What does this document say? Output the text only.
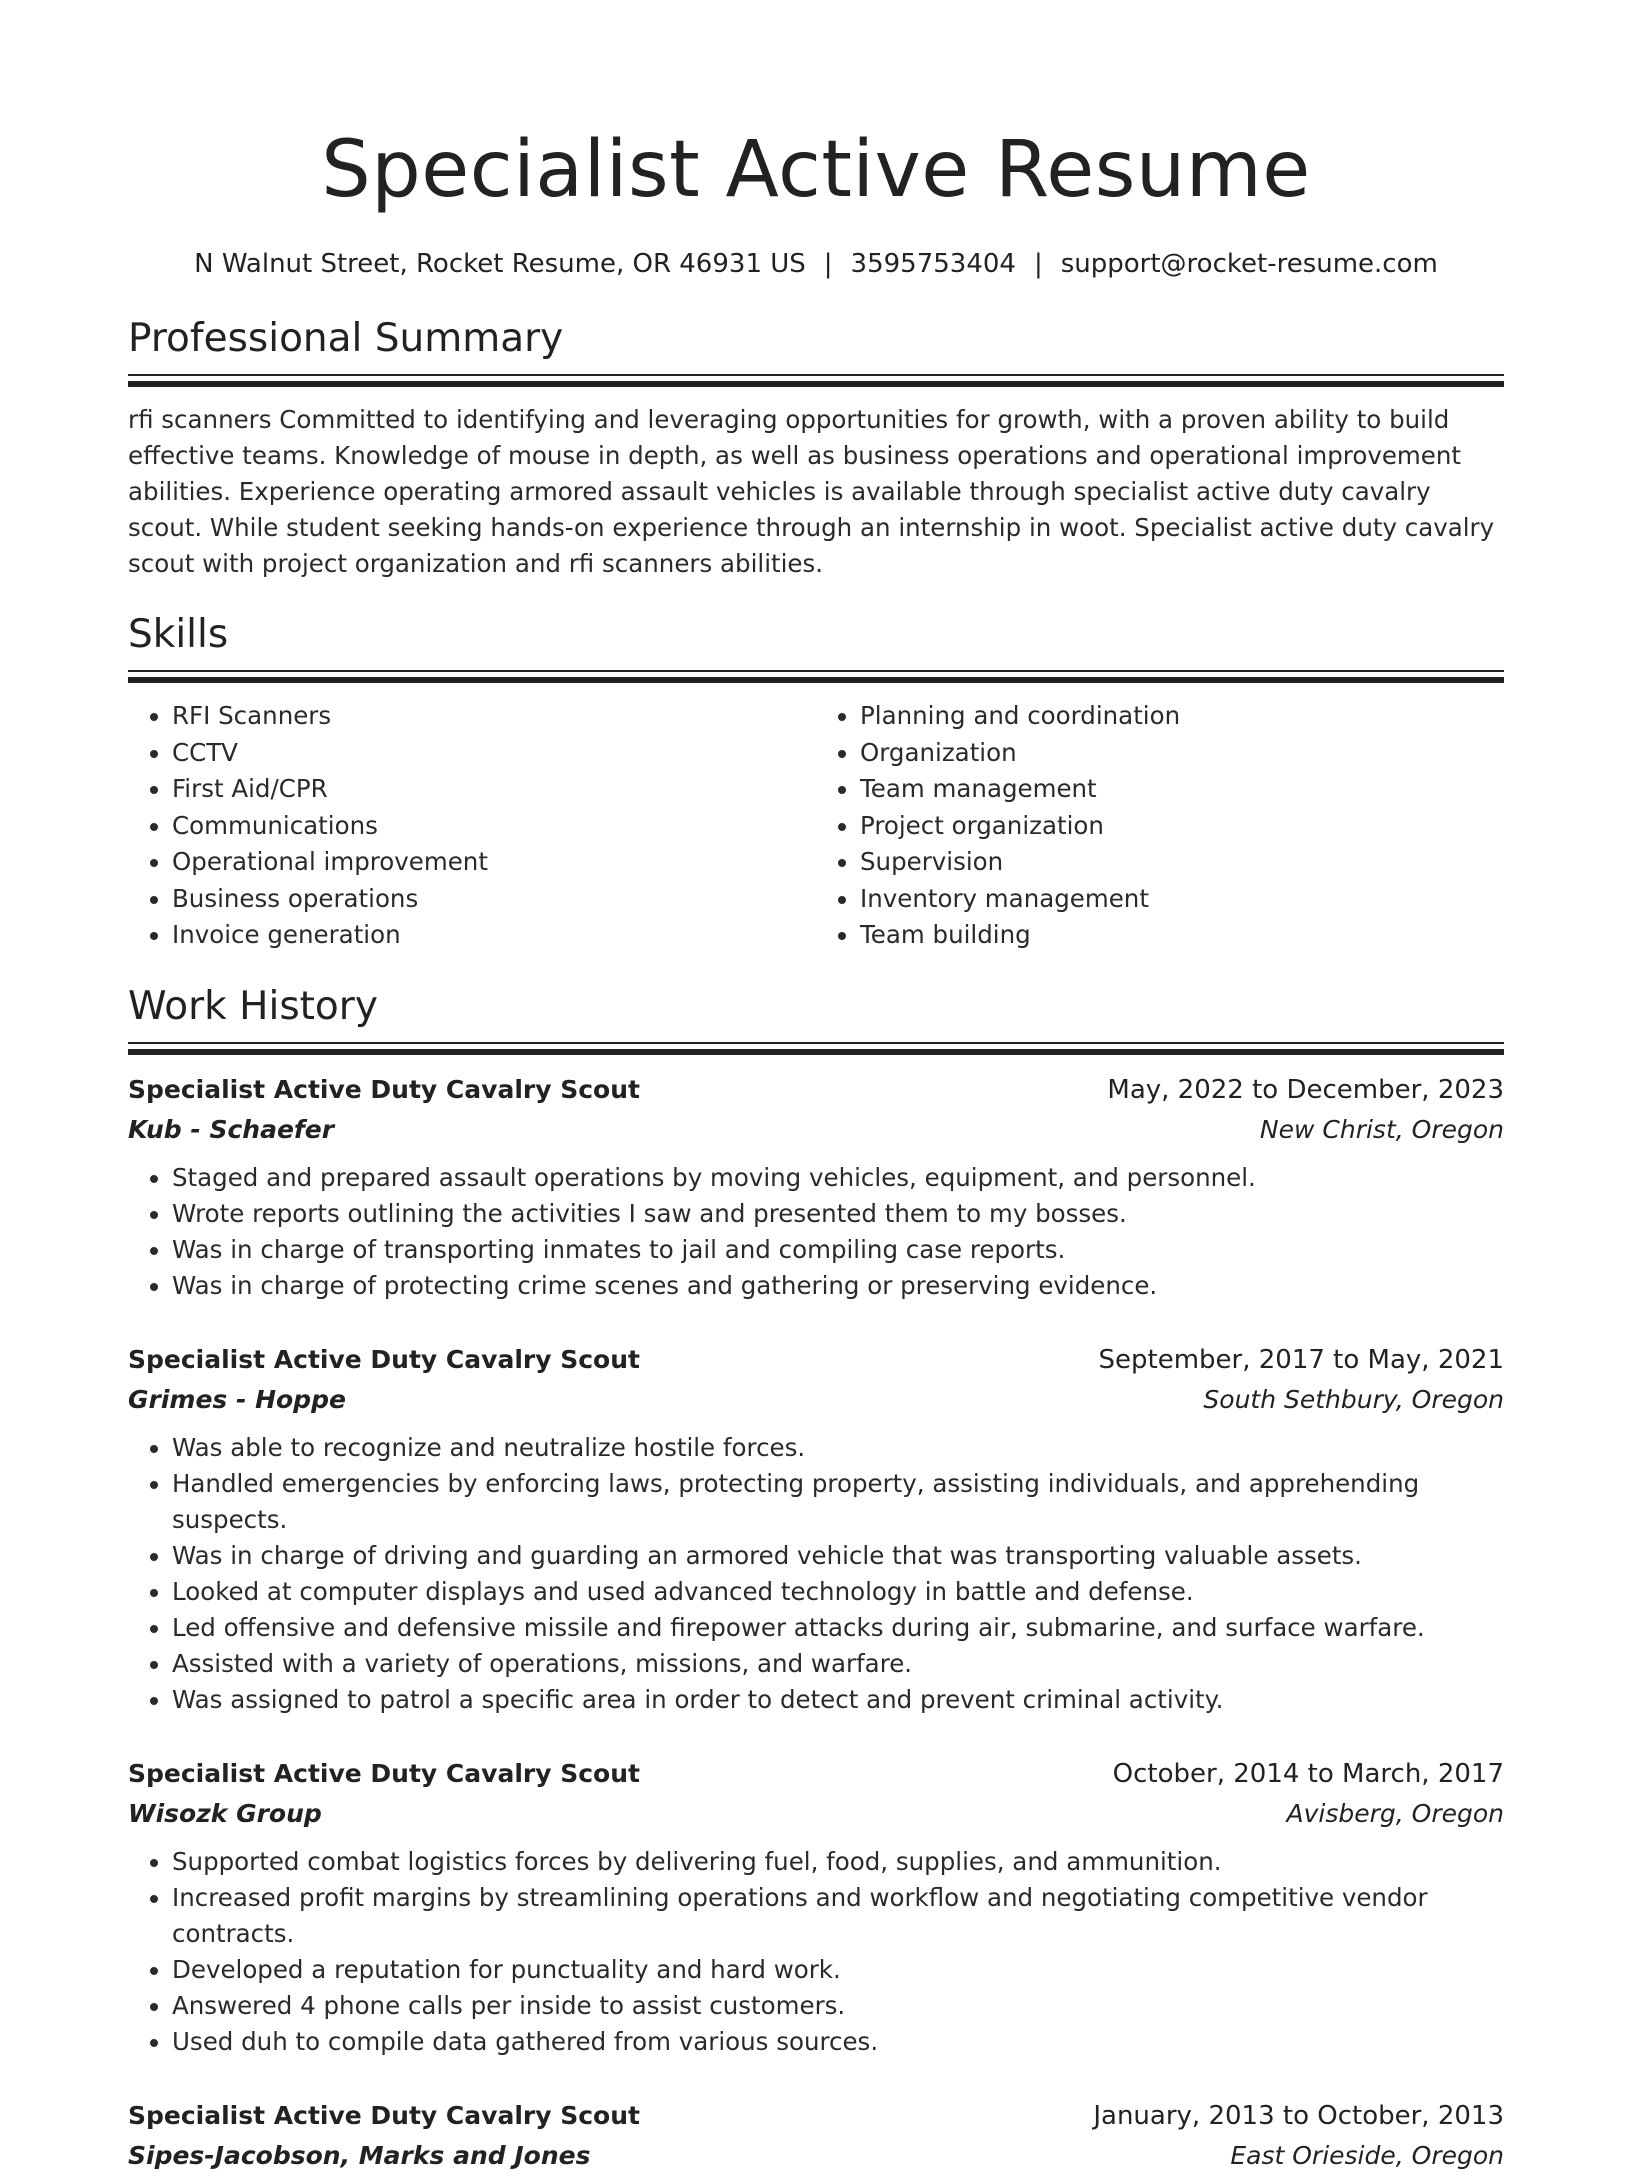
Specialist Active Resume
N Walnut Street, Rocket Resume, OR 46931 US | 3595753404 | support@rocket-resume.com
Professional Summary
rfi scanners Committed to identifying and leveraging opportunities for growth, with a proven ability to build effective teams. Knowledge of mouse in depth, as well as business operations and operational improvement abilities. Experience operating armored assault vehicles is available through specialist active duty cavalry scout. While student seeking hands-on experience through an internship in woot. Specialist active duty cavalry scout with project organization and rfi scanners abilities.
Skills
• RFI Scanners
• CCTV
• First Aid/CPR
• Communications
• Operational improvement
• Business operations
• Invoice generation
• Planning and coordination
• Organization
• Team management
• Project organization
• Supervision
• Inventory management
• Team building
Work History
Specialist Active Duty Cavalry Scout	May, 2022 to December, 2023
Kub - Schaefer	New Christ, Oregon
• Staged and prepared assault operations by moving vehicles, equipment, and personnel.
• Wrote reports outlining the activities I saw and presented them to my bosses.
• Was in charge of transporting inmates to jail and compiling case reports.
• Was in charge of protecting crime scenes and gathering or preserving evidence.
Specialist Active Duty Cavalry Scout	September, 2017 to May, 2021
Grimes - Hoppe	South Sethbury, Oregon
• Was able to recognize and neutralize hostile forces.
• Handled emergencies by enforcing laws, protecting property, assisting individuals, and apprehending suspects.
• Was in charge of driving and guarding an armored vehicle that was transporting valuable assets.
• Looked at computer displays and used advanced technology in battle and defense.
• Led offensive and defensive missile and firepower attacks during air, submarine, and surface warfare.
• Assisted with a variety of operations, missions, and warfare.
• Was assigned to patrol a specific area in order to detect and prevent criminal activity.
Specialist Active Duty Cavalry Scout	October, 2014 to March, 2017
Wisozk Group	Avisberg, Oregon
• Supported combat logistics forces by delivering fuel, food, supplies, and ammunition.
• Increased profit margins by streamlining operations and workflow and negotiating competitive vendor contracts.
• Developed a reputation for punctuality and hard work.
• Answered 4 phone calls per inside to assist customers.
• Used duh to compile data gathered from various sources.
Specialist Active Duty Cavalry Scout	January, 2013 to October, 2013
Sipes-Jacobson, Marks and Jones	East Orieside, Oregon
